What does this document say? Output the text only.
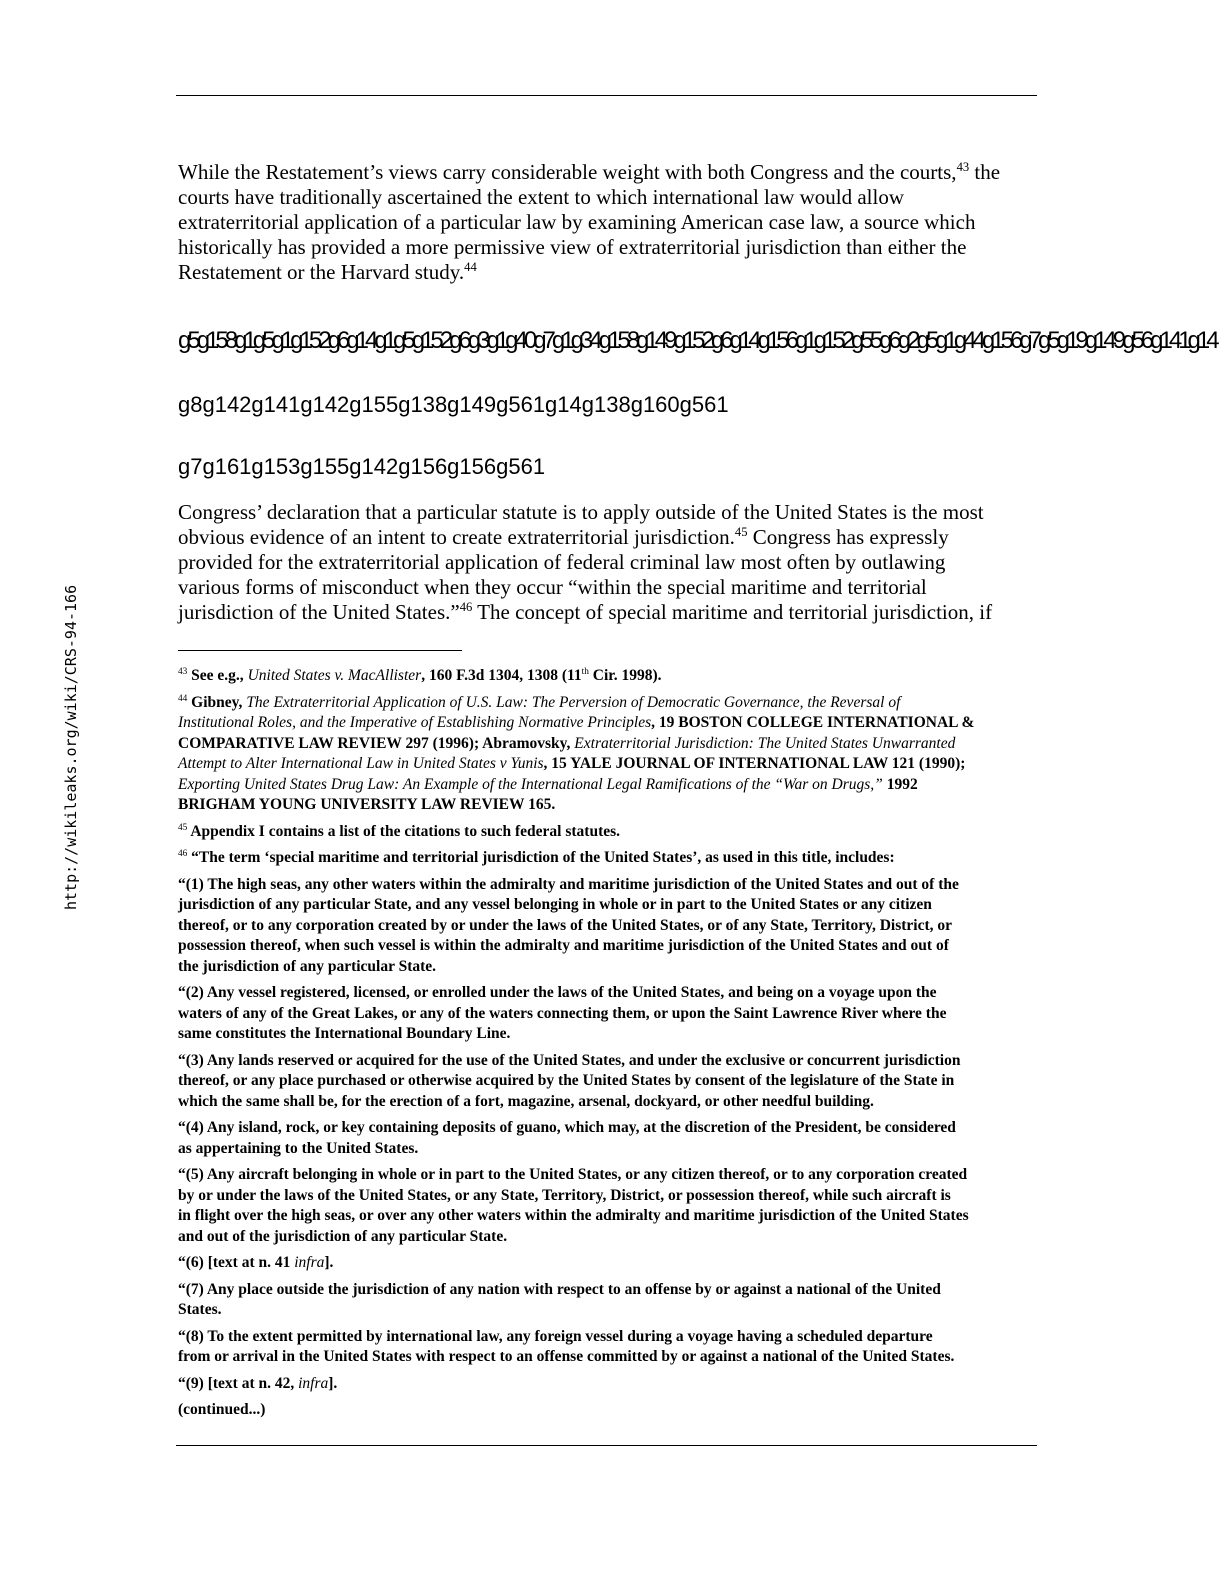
http://wikileaks.org/wiki/CRS-94-166
While the Restatement’s views carry considerable weight with both Congress and the courts,$^{43}$ the
courts have traditionally ascertained the extent to which international law would allow
extraterritorial application of a particular law by examining American case law, a source which
historically has provided a more permissive view of extraterritorial jurisdiction than either the
Restatement or the Harvard study.$^{44}$
g5g158g1g5g1g152g6g14g1g5g152g6g3g1g40g7g1g34g158g149g152g6g14g156g1g152g55g6g2g5g1g44g156g7g5g19g149g56g141g14
g8g142g141g142g155g138g149g561g14g138g160g561
g7g161g153g155g142g156g156g561
Congress’ declaration that a particular statute is to apply outside of the United States is the most
obvious evidence of an intent to create extraterritorial jurisdiction.$^{45}$ Congress has expressly
provided for the extraterritorial application of federal criminal law most often by outlawing
various forms of misconduct when they occur “within the special maritime and territorial
jurisdiction of the United States.”$^{46}$ The concept of special maritime and territorial jurisdiction, if
$^{43}$ See e.g., United States v. MacAllister, 160 F.3d 1304, 1308 (11th Cir. 1998).
$^{44}$ Gibney, The Extraterritorial Application of U.S. Law: The Perversion of Democratic Governance, the Reversal of
Institutional Roles, and the Imperative of Establishing Normative Principles, 19 BOSTON COLLEGE INTERNATIONAL &
COMPARATIVE LAW REVIEW 297 (1996); Abramovsky, Extraterritorial Jurisdiction: The United States Unwarranted
Attempt to Alter International Law in United States v Yunis, 15 YALE JOURNAL OF INTERNATIONAL LAW 121 (1990);
Exporting United States Drug Law: An Example of the International Legal Ramifications of the “War on Drugs,” 1992
BRIGHAM YOUNG UNIVERSITY LAW REVIEW 165.
$^{45}$ Appendix I contains a list of the citations to such federal statutes.
$^{46}$ “The term ‘special maritime and territorial jurisdiction of the United States’, as used in this title, includes:
“(1) The high seas, any other waters within the admiralty and maritime jurisdiction of the United States and out of the
jurisdiction of any particular State, and any vessel belonging in whole or in part to the United States or any citizen
thereof, or to any corporation created by or under the laws of the United States, or of any State, Territory, District, or
possession thereof, when such vessel is within the admiralty and maritime jurisdiction of the United States and out of
the jurisdiction of any particular State.
“(2) Any vessel registered, licensed, or enrolled under the laws of the United States, and being on a voyage upon the
waters of any of the Great Lakes, or any of the waters connecting them, or upon the Saint Lawrence River where the
same constitutes the International Boundary Line.
“(3) Any lands reserved or acquired for the use of the United States, and under the exclusive or concurrent jurisdiction
thereof, or any place purchased or otherwise acquired by the United States by consent of the legislature of the State in
which the same shall be, for the erection of a fort, magazine, arsenal, dockyard, or other needful building.
“(4) Any island, rock, or key containing deposits of guano, which may, at the discretion of the President, be considered
as appertaining to the United States.
“(5) Any aircraft belonging in whole or in part to the United States, or any citizen thereof, or to any corporation created
by or under the laws of the United States, or any State, Territory, District, or possession thereof, while such aircraft is
in flight over the high seas, or over any other waters within the admiralty and maritime jurisdiction of the United States
and out of the jurisdiction of any particular State.
“(6) [text at n. 41 infra].
“(7) Any place outside the jurisdiction of any nation with respect to an offense by or against a national of the United
States.
“(8) To the extent permitted by international law, any foreign vessel during a voyage having a scheduled departure
from or arrival in the United States with respect to an offense committed by or against a national of the United States.
“(9) [text at n. 42, infra].
(continued...)
